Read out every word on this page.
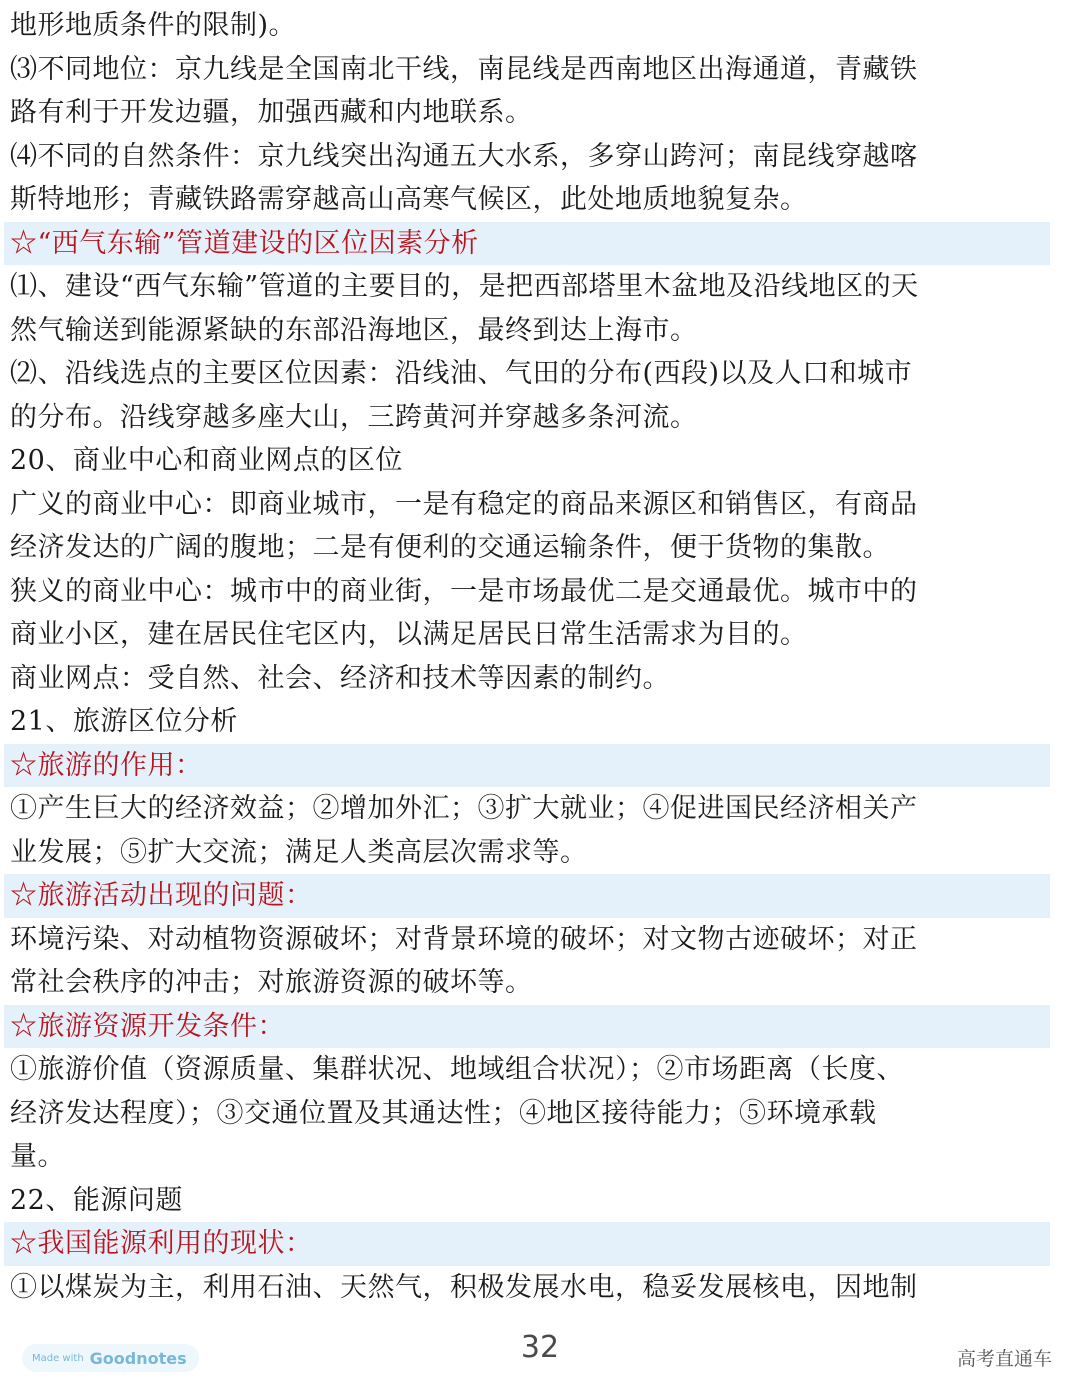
地形地质条件的限制)。
⑶不同地位：京九线是全国南北干线，南昆线是西南地区出海通道，青藏铁
路有利于开发边疆，加强西藏和内地联系。
⑷不同的自然条件：京九线突出沟通五大水系，多穿山跨河；南昆线穿越喀
斯特地形；青藏铁路需穿越高山高寒气候区，此处地质地貌复杂。
☆“西气东输”管道建设的区位因素分析
⑴、建设“西气东输”管道的主要目的，是把西部塔里木盆地及沿线地区的天
然气输送到能源紧缺的东部沿海地区，最终到达上海市。
⑵、沿线选点的主要区位因素：沿线油、气田的分布(西段)以及人口和城市
的分布。沿线穿越多座大山，三跨黄河并穿越多条河流。
20、商业中心和商业网点的区位
广义的商业中心：即商业城市，一是有稳定的商品来源区和销售区，有商品
经济发达的广阔的腹地；二是有便利的交通运输条件，便于货物的集散。
狭义的商业中心：城市中的商业街，一是市场最优二是交通最优。城市中的
商业小区，建在居民住宅区内，以满足居民日常生活需求为目的。
商业网点：受自然、社会、经济和技术等因素的制约。
21、旅游区位分析
☆旅游的作用：
①产生巨大的经济效益；②增加外汇；③扩大就业；④促进国民经济相关产
业发展；⑤扩大交流；满足人类高层次需求等。
☆旅游活动出现的问题：
环境污染、对动植物资源破坏；对背景环境的破坏；对文物古迹破坏；对正
常社会秩序的冲击；对旅游资源的破坏等。
☆旅游资源开发条件：
①旅游价值（资源质量、集群状况、地域组合状况）；②市场距离（长度、
经济发达程度）；③交通位置及其通达性；④地区接待能力；⑤环境承载
量。
22、能源问题
☆我国能源利用的现状：
①以煤炭为主，利用石油、天然气，积极发展水电，稳妥发展核电，因地制
Made with Goodnotes	32	高考直通车
